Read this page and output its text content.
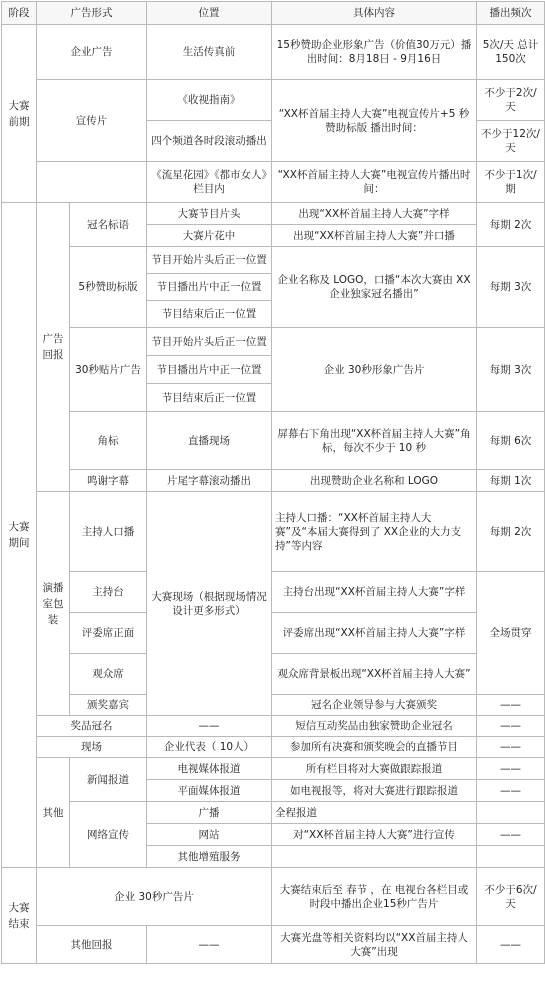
阶段	广告形式		位置	具体内容	播出频次
大赛前期	企业广告		生活传真前	15秒赞助企业形象广告（价值30万元）播出时间：8月18日 - 9月16日	5次/天 总计 150次
	宣传片		《收视指南》	“XX杯首届主持人大赛”电视宣传片+5 秒赞助标版 播出时间：	不少于2次/天
			四个频道各时段滚动播出		不少于12次/天
			《流星花园》《都市女人》栏目内	“XX杯首届主持人大赛”电视宣传片播出时间：	不少于1次/期
大赛期间	广告回报	冠名标语	大赛节目片头	出现“XX杯首届主持人大赛”字样	每期 2次
			大赛片花中	出现“XX杯首届主持人大赛”并口播	
		5秒赞助标版	节目开始片头后正一位置	企业名称及 LOGO，口播“本次大赛由 XX企业独家冠名播出”	每期 3次
			节目播出片中正一位置		
			节目结束后正一位置		
		30秒贴片广告	节目开始片头后正一位置	企业 30秒形象广告片	每期 3次
			节目播出片中正一位置		
			节目结束后正一位置		
		角标	直播现场	屏幕右下角出现“XX杯首届主持人大赛”角标，每次不少于 10 秒	每期 6次
		鸣谢字幕	片尾字幕滚动播出	出现赞助企业名称和 LOGO	每期 1次
	演播室包装	主持人口播	大赛现场（根据现场情况设计更多形式）	主持人口播：“XX杯首届主持人大赛”及“本届大赛得到了 XX企业的大力支持”等内容	每期 2次
		主持台		主持台出现“XX杯首届主持人大赛”字样	全场贯穿
		评委席正面		评委席出现“XX杯首届主持人大赛”字样	
		观众席		观众席背景板出现“XX杯首届主持人大赛”	
		颁奖嘉宾		冠名企业领导参与大赛颁奖	——
	奖品冠名		——	短信互动奖品由独家赞助企业冠名	——
	现场		企业代表（ 10人）	参加所有决赛和颁奖晚会的直播节目	——
	其他	新闻报道	电视媒体报道	所有栏目将对大赛做跟踪报道	——
			平面媒体报道	如电视报等，将对大赛进行跟踪报道	——
		网络宣传	广播	全程报道	
			网站	对“XX杯首届主持人大赛”进行宣传	——
			其他增殖服务		
大赛结束	企业 30秒广告片			大赛结束后至 春节 ，在 电视台各栏目或时段中播出企业15秒广告片	不少于6次/天
	其他回报		——	大赛光盘等相关资料均以“XX首届主持人大赛”出现	——
